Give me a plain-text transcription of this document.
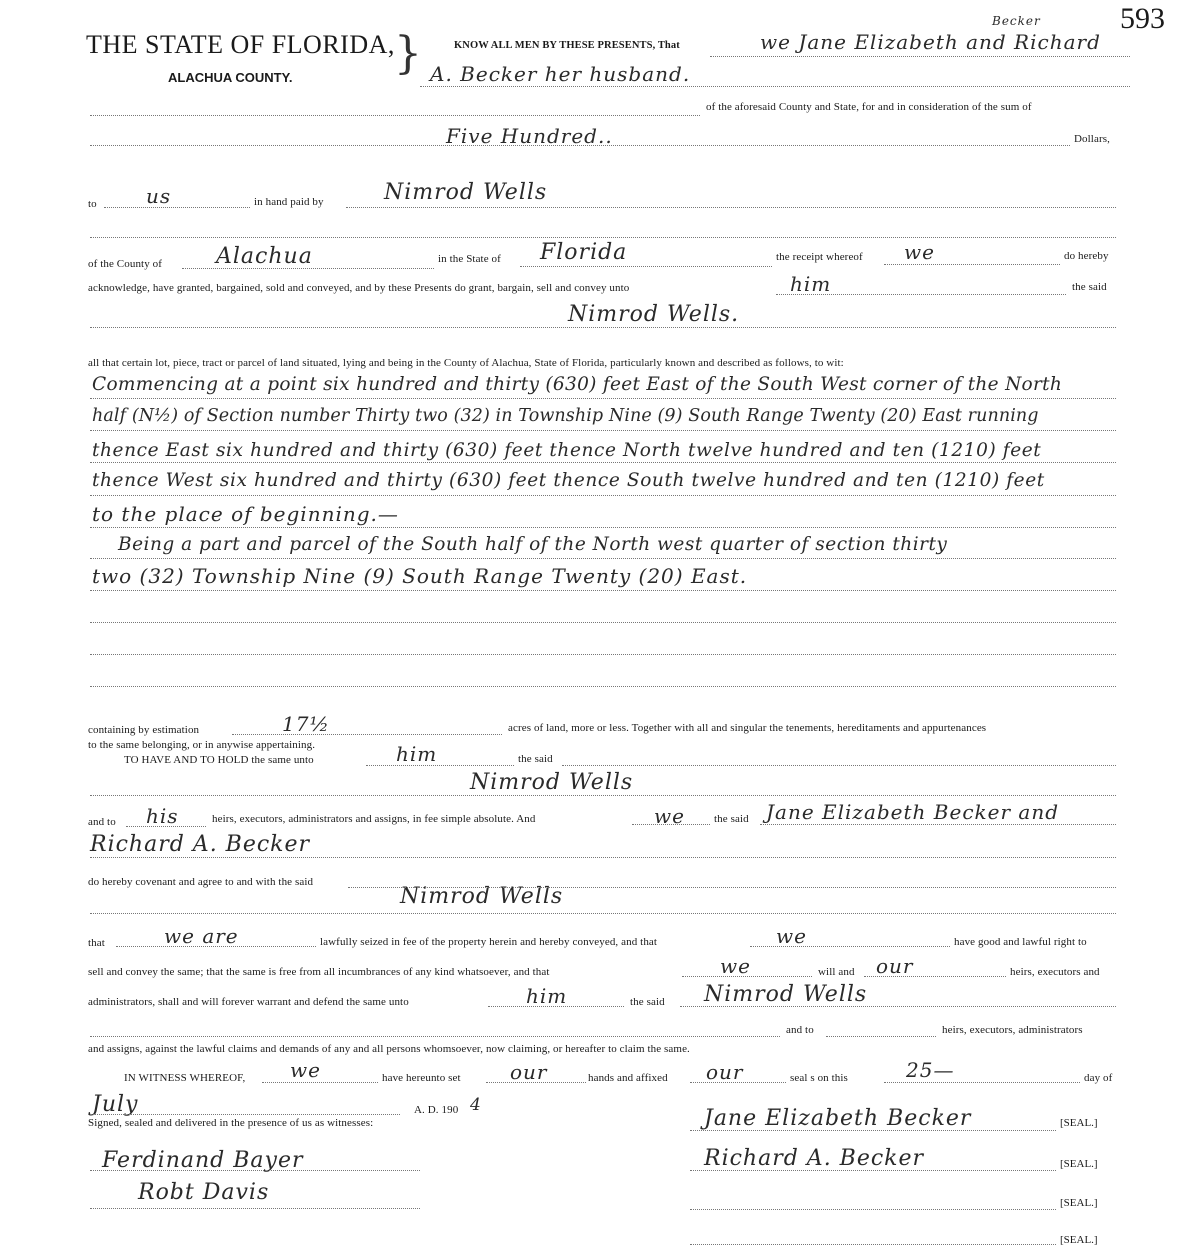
593
THE STATE OF FLORIDA,
ALACHUA COUNTY. }	KNOW ALL MEN BY THESE PRESENTS, That	we Jane Elizabeth and Richard
Becker
A. Becker her husband.
of the aforesaid County and State, for and in consideration of the sum of
Five Hundred..	Dollars,
to us	in hand paid by	Nimrod Wells
of the County of Alachua	in the State of Florida	the receipt whereof we	do hereby
acknowledge, have granted, bargained, sold and conveyed, and by these Presents do grant, bargain, sell and convey unto	him	the said
Nimrod Wells.
all that certain lot, piece, tract or parcel of land situated, lying and being in the County of Alachua, State of Florida, particularly known and described as follows, to wit:
Commencing at a point six hundred and thirty (630) feet East of the South West corner of the North
half (N½) of Section number Thirty two (32) in Township Nine (9) South Range Twenty (20) East running
thence East six hundred and thirty (630) feet thence North twelve hundred and ten (1210) feet
thence West six hundred and thirty (630) feet thence South twelve hundred and ten (1210) feet
to the place of beginning.—
Being a part and parcel of the South half of the North west quarter of section thirty
two (32) Township Nine (9) South Range Twenty (20) East.
containing by estimation	17½	acres of land, more or less. Together with all and singular the tenements, hereditaments and appurtenances
to the same belonging, or in anywise appertaining.
TO HAVE AND TO HOLD the same unto	him	the said
Nimrod Wells
and to his	heirs, executors, administrators and assigns, in fee simple absolute. And	we	the said Jane Elizabeth Becker and
Richard A. Becker
do hereby covenant and agree to and with the said
Nimrod Wells
that	we are	lawfully seized in fee of the property herein and hereby conveyed, and that	we	have good and lawful right to
sell and convey the same; that the same is free from all incumbrances of any kind whatsoever, and that	we	will and our	heirs, executors and
administrators, shall and will forever warrant and defend the same unto	him	the said Nimrod Wells
and to	heirs, executors, administrators
and assigns, against the lawful claims and demands of any and all persons whomsoever, now claiming, or hereafter to claim the same.
IN WITNESS WHEREOF, we	have hereunto set our	hands and affixed our	seal s on this	25—	day of
July	A. D. 190 4
Signed, sealed and delivered in the presence of us as witnesses:
Ferdinand Bayer
Robt Davis
Jane Elizabeth Becker	[SEAL.]
Richard A. Becker	[SEAL.]
[SEAL.]
[SEAL.]
